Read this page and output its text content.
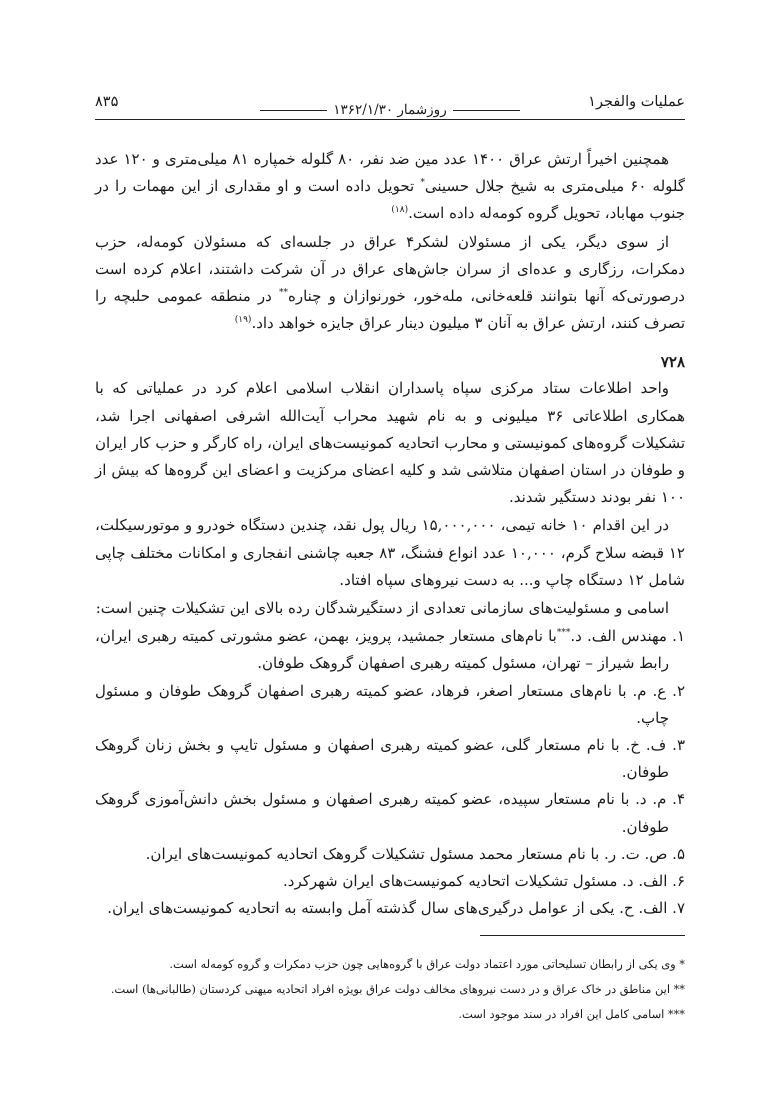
عملیات والفجر۱
روزشمار ۱۳۶۲/۱/۳۰
۸۳۵

همچنین اخیراً ارتش عراق ۱۴۰۰ عدد مین ضد نفر، ۸۰ گلوله خمپاره ۸۱ میلی‌متری و ۱۲۰ عدد گلوله ۶۰ میلی‌متری به شیخ جلال حسینی* تحویل داده است و او مقداری از این مهمات را در جنوب مهاباد، تحویل گروه کومه‌له داده است.$^{(۱۸)}$

از سوی دیگر، یکی از مسئولان لشکر۴ عراق در جلسه‌ای که مسئولان کومه‌له، حزب دمکرات، رزگاری و عده‌ای از سران جاش‌های عراق در آن شرکت داشتند، اعلام کرده است درصورتی‌که آنها بتوانند قلعه‌خانی، مله‌خور، خورنوازان و چناره** در منطقه عمومی حلبچه را تصرف کنند، ارتش عراق به آنان ۳ میلیون دینار عراق جایزه خواهد داد.$^{(۱۹)}$

۷۲۸

واحد اطلاعات ستاد مرکزی سپاه پاسداران انقلاب اسلامی اعلام کرد در عملیاتی که با همکاری اطلاعاتی ۳۶ میلیونی و به نام شهید محراب آیت‌الله اشرفی اصفهانی اجرا شد، تشکیلات گروه‌های کمونیستی و محارب اتحادیه کمونیست‌های ایران، راه کارگر و حزب کار ایران و طوفان در استان اصفهان متلاشی شد و کلیه اعضای مرکزیت و اعضای این گروه‌ها که بیش از ۱۰۰ نفر بودند دستگیر شدند.

در این اقدام ۱۰ خانه تیمی، ۱۵,۰۰۰,۰۰۰ ریال پول نقد، چندین دستگاه خودرو و موتورسیکلت، ۱۲ قبضه سلاح گرم، ۱۰,۰۰۰ عدد انواع فشنگ، ۸۳ جعبه چاشنی انفجاری و امکانات مختلف چاپی شامل ۱۲ دستگاه چاپ و... به دست نیروهای سپاه افتاد.

اسامی و مسئولیت‌های سازمانی تعدادی از دستگیرشدگان رده بالای این تشکیلات چنین است:

۱. مهندس الف. د.***با نام‌های مستعار جمشید، پرویز، بهمن، عضو مشورتی کمیته رهبری ایران، رابط شیراز – تهران، مسئول کمیته رهبری اصفهان گروهک طوفان.
۲. ع. م. با نام‌های مستعار اصغر، فرهاد، عضو کمیته رهبری اصفهان گروهک طوفان و مسئول چاپ.
۳. ف. خ. با نام مستعار گلی، عضو کمیته رهبری اصفهان و مسئول تایپ و بخش زنان گروهک طوفان.
۴. م. د. با نام مستعار سپیده، عضو کمیته رهبری اصفهان و مسئول بخش دانش‌آموزی گروهک طوفان.
۵. ص. ت. ر. با نام مستعار محمد مسئول تشکیلات گروهک اتحادیه کمونیست‌های ایران.
۶. الف. د. مسئول تشکیلات اتحادیه کمونیست‌های ایران شهرکرد.
۷. الف. ح. یکی از عوامل درگیری‌های سال گذشته آمل وابسته به اتحادیه کمونیست‌های ایران.
* وی یکی از رابطان تسلیحاتی مورد اعتماد دولت عراق با گروه‌هایی چون حزب دمکرات و گروه کومه‌له است.
** این مناطق در خاک عراق و در دست نیروهای مخالف دولت عراق بویژه افراد اتحادیه میهنی کردستان (طالبانی‌ها) است.
*** اسامی کامل این افراد در سند موجود است.
